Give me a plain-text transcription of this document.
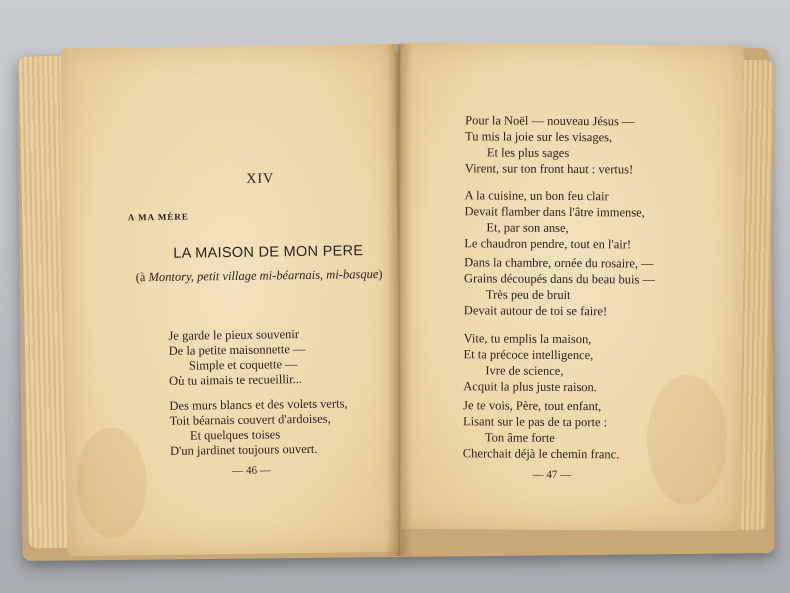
XIV
A MA MÈRE
LA MAISON DE MON PERE
(à Montory, petit village mi-béarnais, mi-basque)
Je garde le pieux souvenir
De la petite maisonnette —
Simple et coquette —
Où tu aimais te recueillir...
Des murs blancs et des volets verts,
Toit béarnais couvert d'ardoises,
Et quelques toises
D'un jardinet toujours ouvert.
— 46 —
Pour la Noël — nouveau Jésus —
Tu mis la joie sur les visages,
Et les plus sages
Virent, sur ton front haut : vertus!
A la cuisine, un bon feu clair
Devait flamber dans l'âtre immense,
Et, par son anse,
Le chaudron pendre, tout en l'air!
Dans la chambre, ornée du rosaire, —
Grains découpés dans du beau buis —
Très peu de bruit
Devait autour de toi se faire!
Vite, tu emplis la maison,
Et ta précoce intelligence,
Ivre de science,
Acquit la plus juste raison.
Je te vois, Père, tout enfant,
Lisant sur le pas de ta porte :
Ton âme forte
Cherchait déjà le chemin franc.
— 47 —
